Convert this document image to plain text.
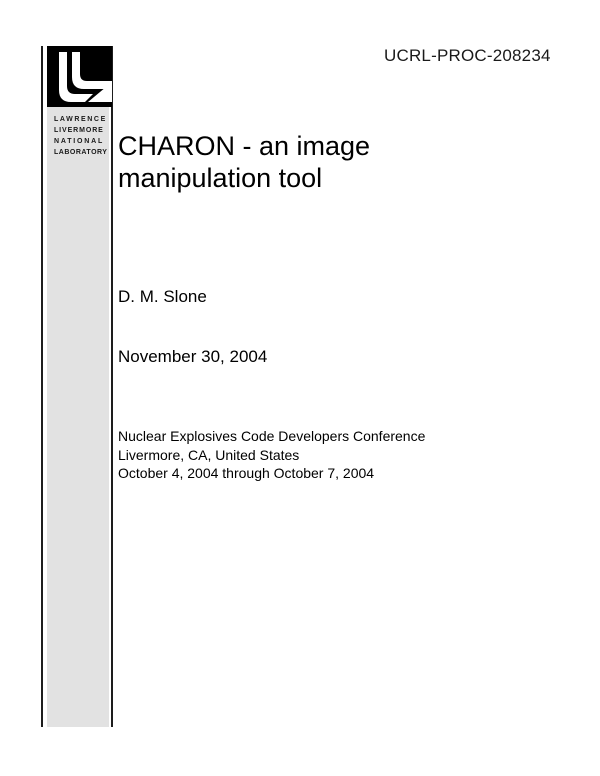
UCRL-PROC-208234
LAWRENCE
LIVERMORE
NATIONAL
LABORATORY CHARON - an image manipulation tool
D. M. Slone
November 30, 2004
Nuclear Explosives Code Developers Conference
Livermore, CA, United States
October 4, 2004 through October 7, 2004
